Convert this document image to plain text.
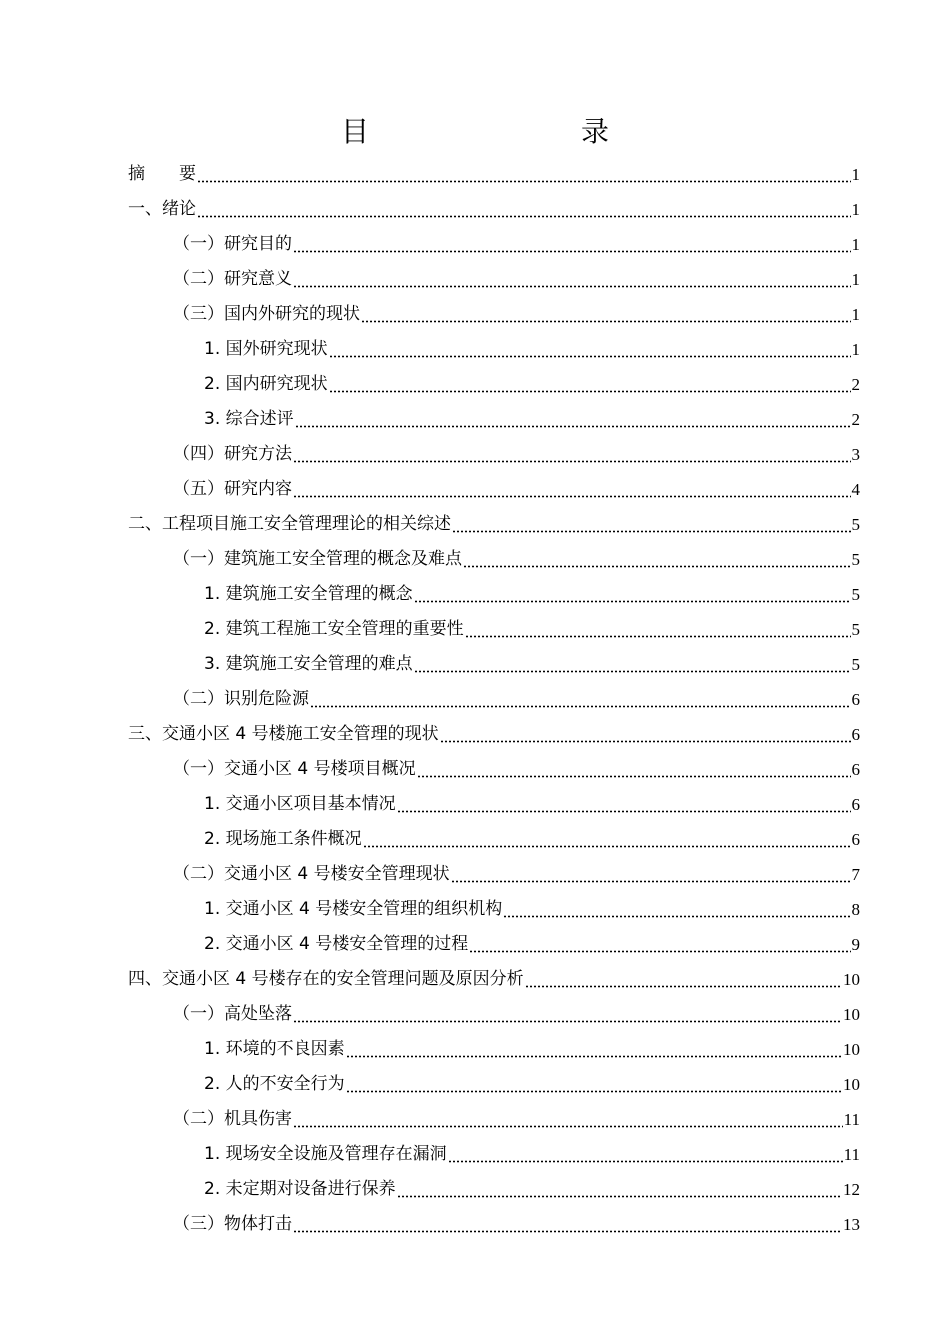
目　　录
摘　　要	1
一、绪论	1
（一）研究目的	1
（二）研究意义	1
（三）国内外研究的现状	1
1. 国外研究现状	1
2. 国内研究现状	2
3. 综合述评	2
（四）研究方法	3
（五）研究内容	4
二、工程项目施工安全管理理论的相关综述	5
（一）建筑施工安全管理的概念及难点	5
1. 建筑施工安全管理的概念	5
2. 建筑工程施工安全管理的重要性	5
3. 建筑施工安全管理的难点	5
（二）识别危险源	6
三、交通小区 4 号楼施工安全管理的现状	6
（一）交通小区 4 号楼项目概况	6
1. 交通小区项目基本情况	6
2. 现场施工条件概况	6
（二）交通小区 4 号楼安全管理现状	7
1. 交通小区 4 号楼安全管理的组织机构	8
2. 交通小区 4 号楼安全管理的过程	9
四、交通小区 4 号楼存在的安全管理问题及原因分析	10
（一）高处坠落	10
1. 环境的不良因素	10
2. 人的不安全行为	10
（二）机具伤害	11
1. 现场安全设施及管理存在漏洞	11
2. 未定期对设备进行保养	12
（三）物体打击	13
